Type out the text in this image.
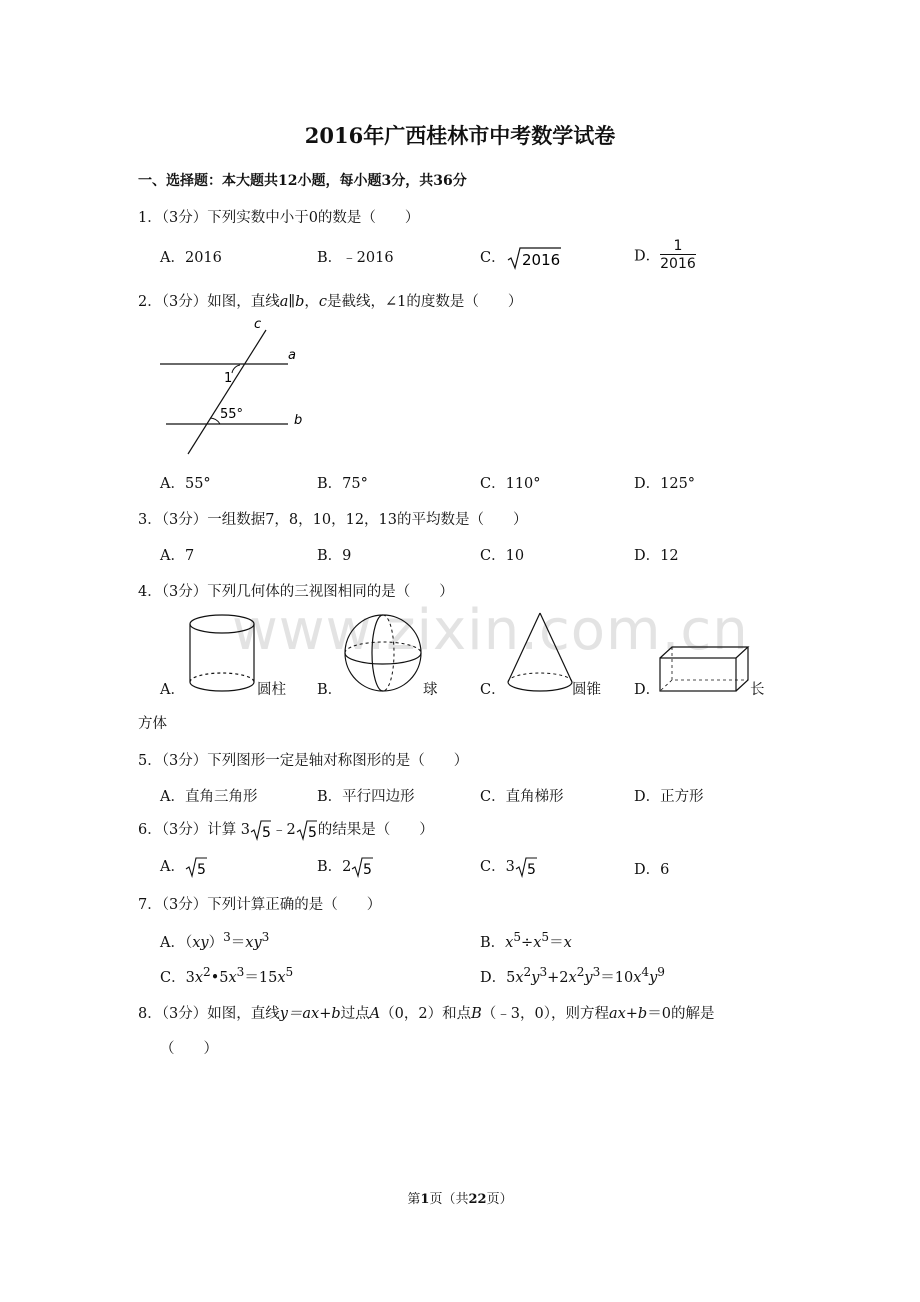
www.zixin.com.cn
2016年广西桂林市中考数学试卷
一、选择题：本大题共12小题，每小题3分，共36分
1．（3分）下列实数中小于0的数是（　　）
A．2016	B．﹣2016	C． 2016	D． $\frac{1}{2016}$
2．（3分）如图，直线a∥b，c是截线，∠1的度数是（　　）
c
a
b
1
55°
A．55°	B．75°	C．110°	D．125°
3．（3分）一组数据7，8，10，12，13的平均数是（　　）
A．7	B．9	C．10	D．12
4．（3分）下列几何体的三视图相同的是（　　）
A．	圆柱 B．	球	C．	圆锥 D．	长
方体
5．（3分）下列图形一定是轴对称图形的是（　　）
A．直角三角形	B．平行四边形	C．直角梯形	D．正方形
6．（3分）计算 3 5 ﹣2 5 的结果是（　　）
A． 5	B．2 5	C．3 5	D．6
7．（3分）下列计算正确的是（　　）
A．$(xy)^3=xy^3$	B．$x^5\div x^5=x$
C．$3x^2•5x^3=15x^5$	D．$5x^2y^3+2x^2y^3=10x^4y^9$
8．（3分）如图，直线y＝ax+b过点A（0，2）和点B（﹣3，0），则方程ax+b＝0的解是
（　　）
第1页（共22页）
